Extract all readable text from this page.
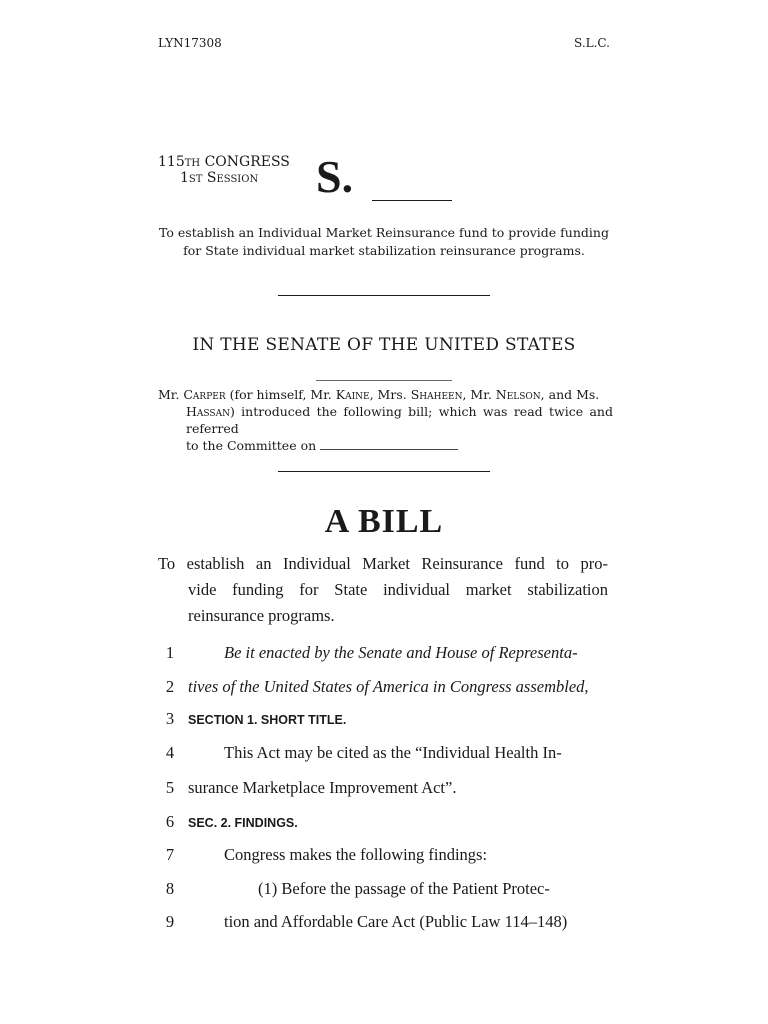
LYN17308	S.L.C.
115th CONGRESS
1st Session	S.
To establish an Individual Market Reinsurance fund to provide funding for State individual market stabilization reinsurance programs.
IN THE SENATE OF THE UNITED STATES
Mr. Carper (for himself, Mr. Kaine, Mrs. Shaheen, Mr. Nelson, and Ms.
Hassan) introduced the following bill; which was read twice and referred
to the Committee on
A BILL
To establish an Individual Market Reinsurance fund to pro-
vide funding for State individual market stabilization
reinsurance programs.
1	Be it enacted by the Senate and House of Representa-
2 tives of the United States of America in Congress assembled,
3	SECTION 1. SHORT TITLE.
4	This Act may be cited as the “Individual Health In-
5 surance Marketplace Improvement Act”.
6	SEC. 2. FINDINGS.
7	Congress makes the following findings:
8	(1) Before the passage of the Patient Protec-
9	tion and Affordable Care Act (Public Law 114–148)
